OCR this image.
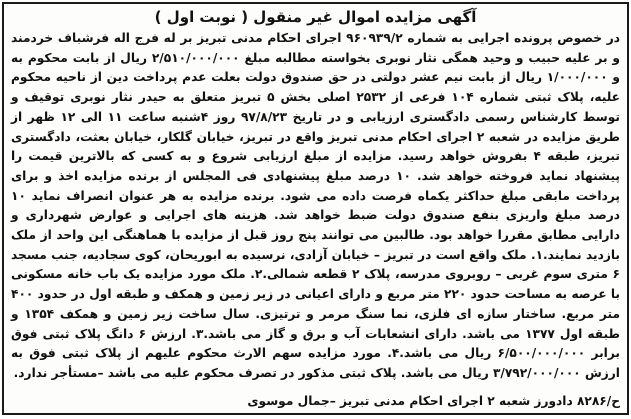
آگهی مزایده اموال غیر منقول ( نوبت اول )

در خصوص پرونده اجرایی به شماره ۹۶۰۹۳۹/۲ اجرای احکام مدنی تبریز بر له فرج اله فرشباف خردمند و بر علیه حبیب و وحید همگی نثار نوبری بخواسته مطالبه مبلغ ۲/۵۱۰/۰۰۰/۰۰۰ ریال از بابت محکوم به و ۱/۰۰۰/۰۰۰ ریال از بابت نیم عشر دولتی در حق صندوق دولت بعلت عدم پرداخت دین از ناحیه محکوم علیه، پلاک ثبتی شماره ۱۰۴ فرعی از ۲۵۳۲ اصلی بخش ۵ تبریز متعلق به حیدر نثار نوبری توقیف و توسط کارشناس رسمی دادگستری ارزیابی و در تاریخ ۹۷/۸/۲۳ روز ۴شنبه ساعت ۱۱ الی ۱۲ ظهر از طریق مزایده در شعبه ۲ اجرای احکام مدنی تبریز واقع در تبریز، خیابان گلکار، خیابان بعثت، دادگستری تبریز، طبقه ۴ بفروش خواهد رسید. مزایده از مبلغ ارزیابی شروع و به کسی که بالاترین قیمت را پیشنهاد نماید فروخته خواهد شد. ۱۰ درصد مبلغ پیشنهادی فی المجلس از برنده مزایده اخذ و برای پرداخت مابقی مبلغ حداکثر یکماه فرصت داده می شود. برنده مزایده به هر عنوان انصراف نماید ۱۰ درصد مبلغ واریزی بنفع صندوق دولت ضبط خواهد شد. هزینه های اجرایی و عوارض شهرداری و دارایی مطابق مقررا خواهد بود. طالبین می توانند پنج روز قبل از مزایده با هماهنگی این واحد از ملک بازدید نمایند.۱. ملک واقع است در تبریز – خیابان آزادی، نرسیده به ابوریحان، کوی سجادیه، جنب مسجد ۶ متری سوم غربی – روبروی مدرسه، پلاک ۲ قطعه شمالی.۲. ملک مورد مزایده یک باب خانه مسکونی با عرصه به مساحت حدود ۲۲۰ متر مربع و دارای اعیانی در زیر زمین و همکف و طبقه اول در حدود ۴۰۰ متر مربع. ساختار سازه ای فلزی، نما سنگ مرمر و ترتیزی. سال ساخت زیر زمین و همکف ۱۳۵۴ و طبقه اول ۱۳۷۷ می باشد. دارای انشعابات آب و برق و گاز می باشد.۳. ارزش ۶ دانگ پلاک ثبتی فوق برابر ۶/۵۰۰/۰۰۰/۰۰۰ ریال می باشد.۴. مورد مزایده سهم الارث محکوم علیهم از پلاک ثبتی فوق به ارزش ۳/۷۹۲/۰۰۰/۰۰۰ ریال می باشد. پلاک ثبتی مذکور در تصرف محکوم علیه می باشد –مستأجر ندارد.

ح/۸۲۸۶ دادورز شعبه ۲ اجرای احکام مدنی تبریز –جمال موسوی
